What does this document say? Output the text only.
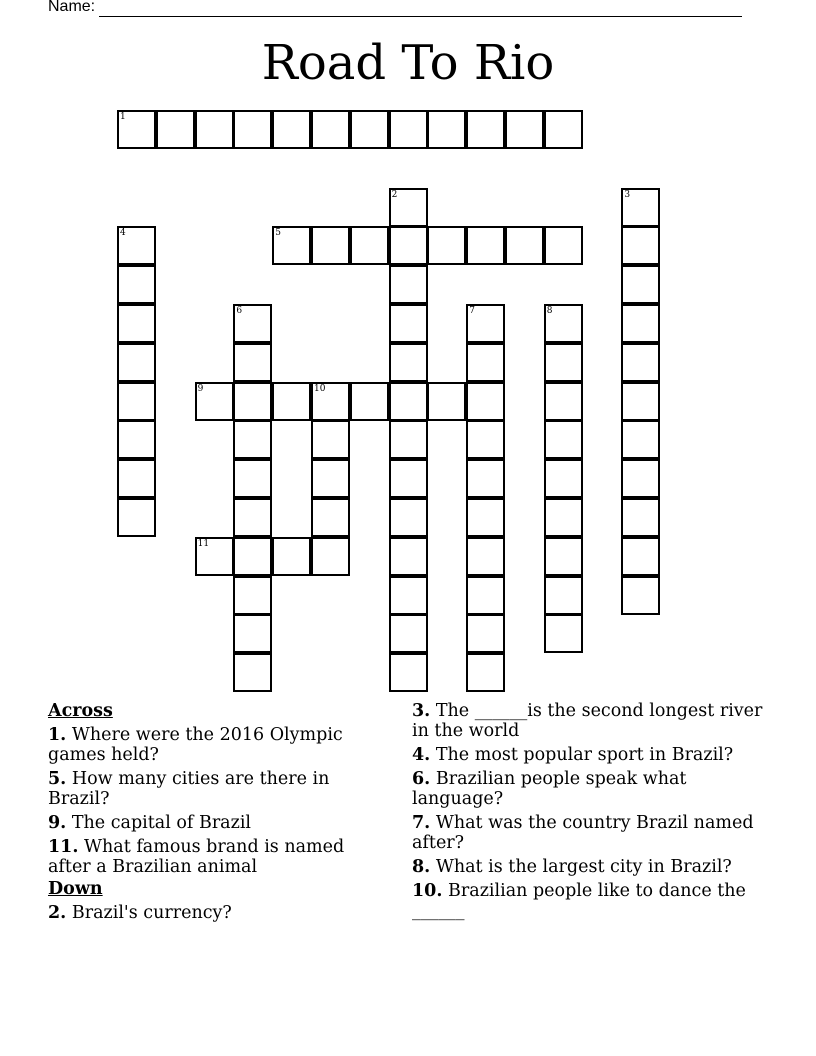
Name:
Road To Rio
1
2	3
4	5
6	7	8
9	10
11
Across
1. Where were the 2016 Olympic games held?
5. How many cities are there in Brazil?
9. The capital of Brazil
11. What famous brand is named after a Brazilian animal
Down
2. Brazil's currency?
3. The ______is the second longest river in the world
4. The most popular sport in Brazil?
6. Brazilian people speak what language?
7. What was the country Brazil named after?
8. What is the largest city in Brazil?
10. Brazilian people like to dance the ______
